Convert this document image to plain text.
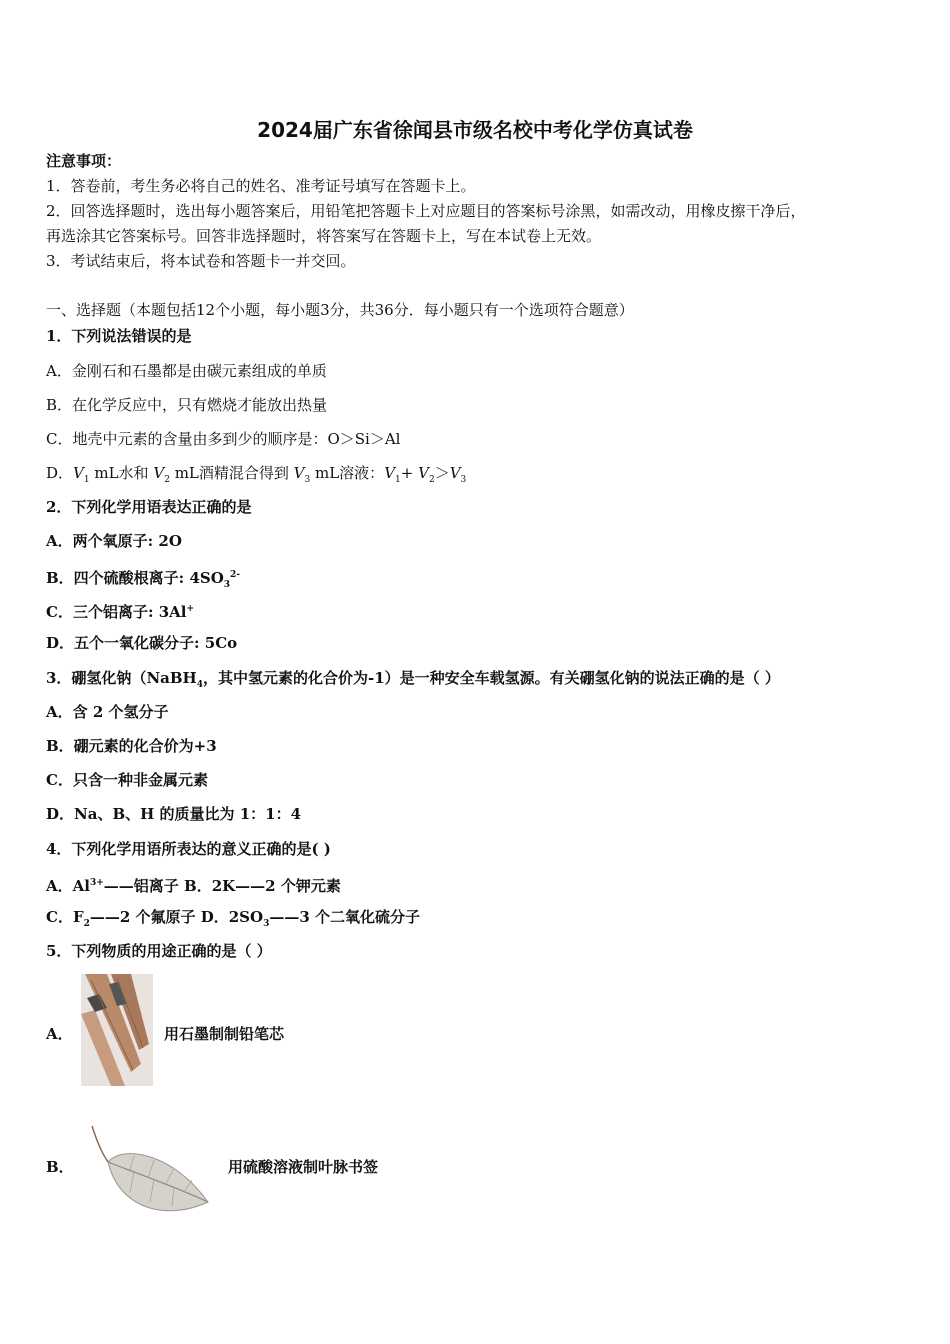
2024届广东省徐闻县市级名校中考化学仿真试卷
注意事项：
1．答卷前，考生务必将自己的姓名、准考证号填写在答题卡上。
2．回答选择题时，选出每小题答案后，用铅笔把答题卡上对应题目的答案标号涂黑，如需改动，用橡皮擦干净后，
再选涂其它答案标号。回答非选择题时，将答案写在答题卡上，写在本试卷上无效。
3．考试结束后，将本试卷和答题卡一并交回。
一、选择题（本题包括12个小题，每小题3分，共36分．每小题只有一个选项符合题意）
1．下列说法错误的是
A．金刚石和石墨都是由碳元素组成的单质
B．在化学反应中，只有燃烧才能放出热量
C．地壳中元素的含量由多到少的顺序是：O＞Si＞Al
D．$V_1$ mL水和 $V_2$ mL酒精混合得到 $V_3$ mL溶液：$V_1+ V_2>V_3$
2．下列化学用语表达正确的是
A．两个氧原子: 2O
B．四个硫酸根离子: $4SO_3^{2-}$
C．三个铝离子: 3Al+
D．五个一氧化碳分子: 5Co
3．硼氢化钠（NaBH$_4$，其中氢元素的化合价为-1）是一种安全车载氢源。有关硼氢化钠的说法正确的是（ ）
A．含 2 个氢分子
B．硼元素的化合价为+3
C．只含一种非金属元素
D．Na、B、H 的质量比为 1：1：4
4．下列化学用语所表达的意义正确的是( )
A．$Al^{3+}——$铝离子 B．2K——2 个钾元素
C．$F_2——2$ 个氟原子 D．$2SO_3——3$ 个二氧化硫分子
5．下列物质的用途正确的是（ ）
A．	用石墨制制铅笔芯
B．	用硫酸溶液制叶脉书签
